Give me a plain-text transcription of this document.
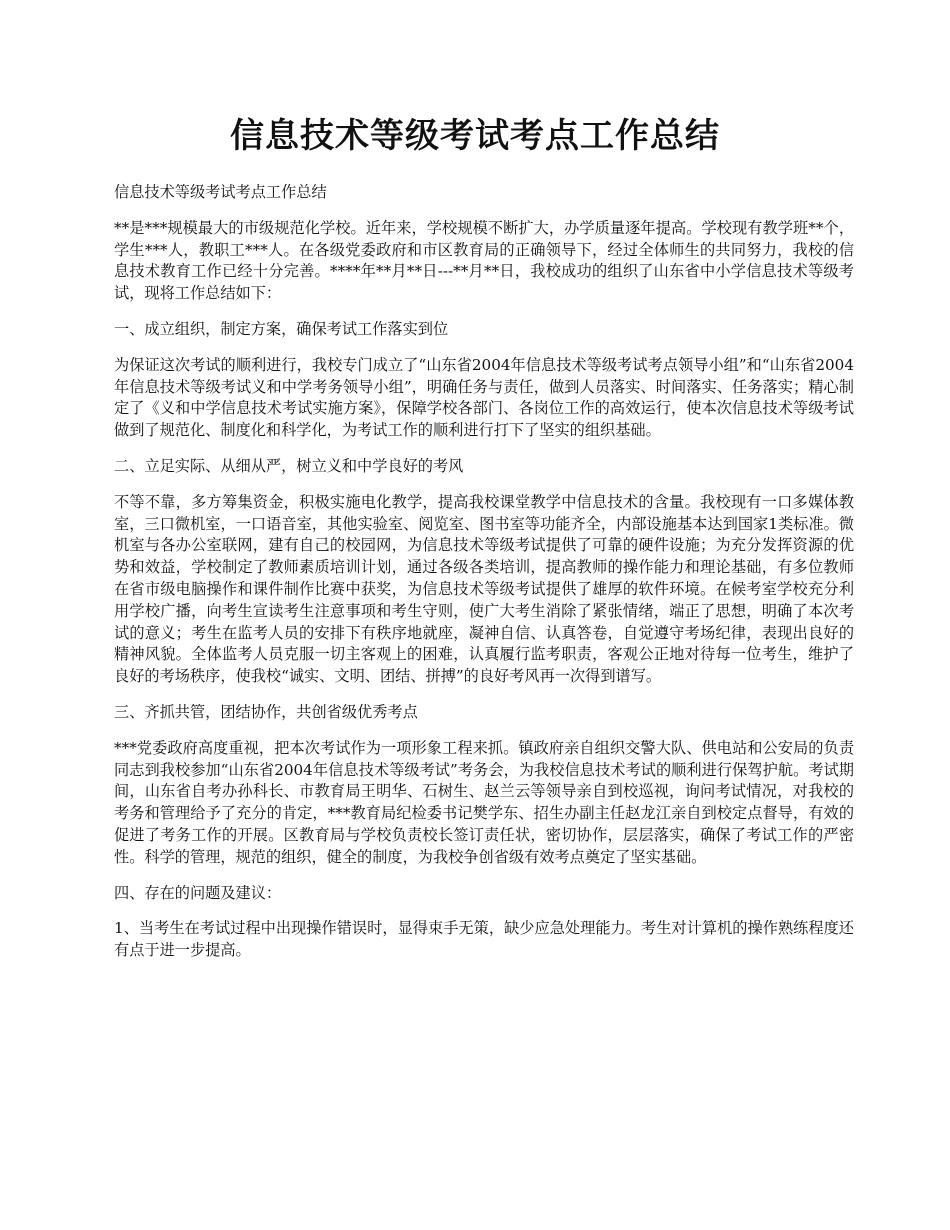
信息技术等级考试考点工作总结

信息技术等级考试考点工作总结

**是***规模最大的市级规范化学校。近年来，学校规模不断扩大，办学质量逐年提高。学校现有教学班**个，学生***人，教职工***人。在各级党委政府和市区教育局的正确领导下，经过全体师生的共同努力，我校的信息技术教育工作已经十分完善。****年**月**日---**月**日，我校成功的组织了山东省中小学信息技术等级考试，现将工作总结如下：

一、成立组织，制定方案，确保考试工作落实到位

为保证这次考试的顺利进行，我校专门成立了“山东省2004年信息技术等级考试考点领导小组”和“山东省2004年信息技术等级考试义和中学考务领导小组”，明确任务与责任，做到人员落实、时间落实、任务落实；精心制定了《义和中学信息技术考试实施方案》，保障学校各部门、各岗位工作的高效运行，使本次信息技术等级考试做到了规范化、制度化和科学化，为考试工作的顺利进行打下了坚实的组织基础。

二、立足实际、从细从严，树立义和中学良好的考风

不等不靠，多方筹集资金，积极实施电化教学，提高我校课堂教学中信息技术的含量。我校现有一口多媒体教室，三口微机室，一口语音室，其他实验室、阅览室、图书室等功能齐全，内部设施基本达到国家1类标准。微机室与各办公室联网，建有自己的校园网，为信息技术等级考试提供了可靠的硬件设施；为充分发挥资源的优势和效益，学校制定了教师素质培训计划，通过各级各类培训，提高教师的操作能力和理论基础，有多位教师在省市级电脑操作和课件制作比赛中获奖，为信息技术等级考试提供了雄厚的软件环境。在候考室学校充分利用学校广播，向考生宣读考生注意事项和考生守则，使广大考生消除了紧张情绪，端正了思想，明确了本次考试的意义；考生在监考人员的安排下有秩序地就座，凝神自信、认真答卷，自觉遵守考场纪律，表现出良好的精神风貌。全体监考人员克服一切主客观上的困难，认真履行监考职责，客观公正地对待每一位考生，维护了良好的考场秩序，使我校“诚实、文明、团结、拼搏”的良好考风再一次得到谱写。

三、齐抓共管，团结协作，共创省级优秀考点

***党委政府高度重视，把本次考试作为一项形象工程来抓。镇政府亲自组织交警大队、供电站和公安局的负责同志到我校参加“山东省2004年信息技术等级考试”考务会，为我校信息技术考试的顺利进行保驾护航。考试期间，山东省自考办孙科长、市教育局王明华、石树生、赵兰云等领导亲自到校巡视，询问考试情况，对我校的考务和管理给予了充分的肯定，***教育局纪检委书记樊学东、招生办副主任赵龙江亲自到校定点督导，有效的促进了考务工作的开展。区教育局与学校负责校长签订责任状，密切协作，层层落实，确保了考试工作的严密性。科学的管理，规范的组织，健全的制度，为我校争创省级有效考点奠定了坚实基础。

四、存在的问题及建议：

1、当考生在考试过程中出现操作错误时，显得束手无策，缺少应急处理能力。考生对计算机的操作熟练程度还有点于进一步提高。
